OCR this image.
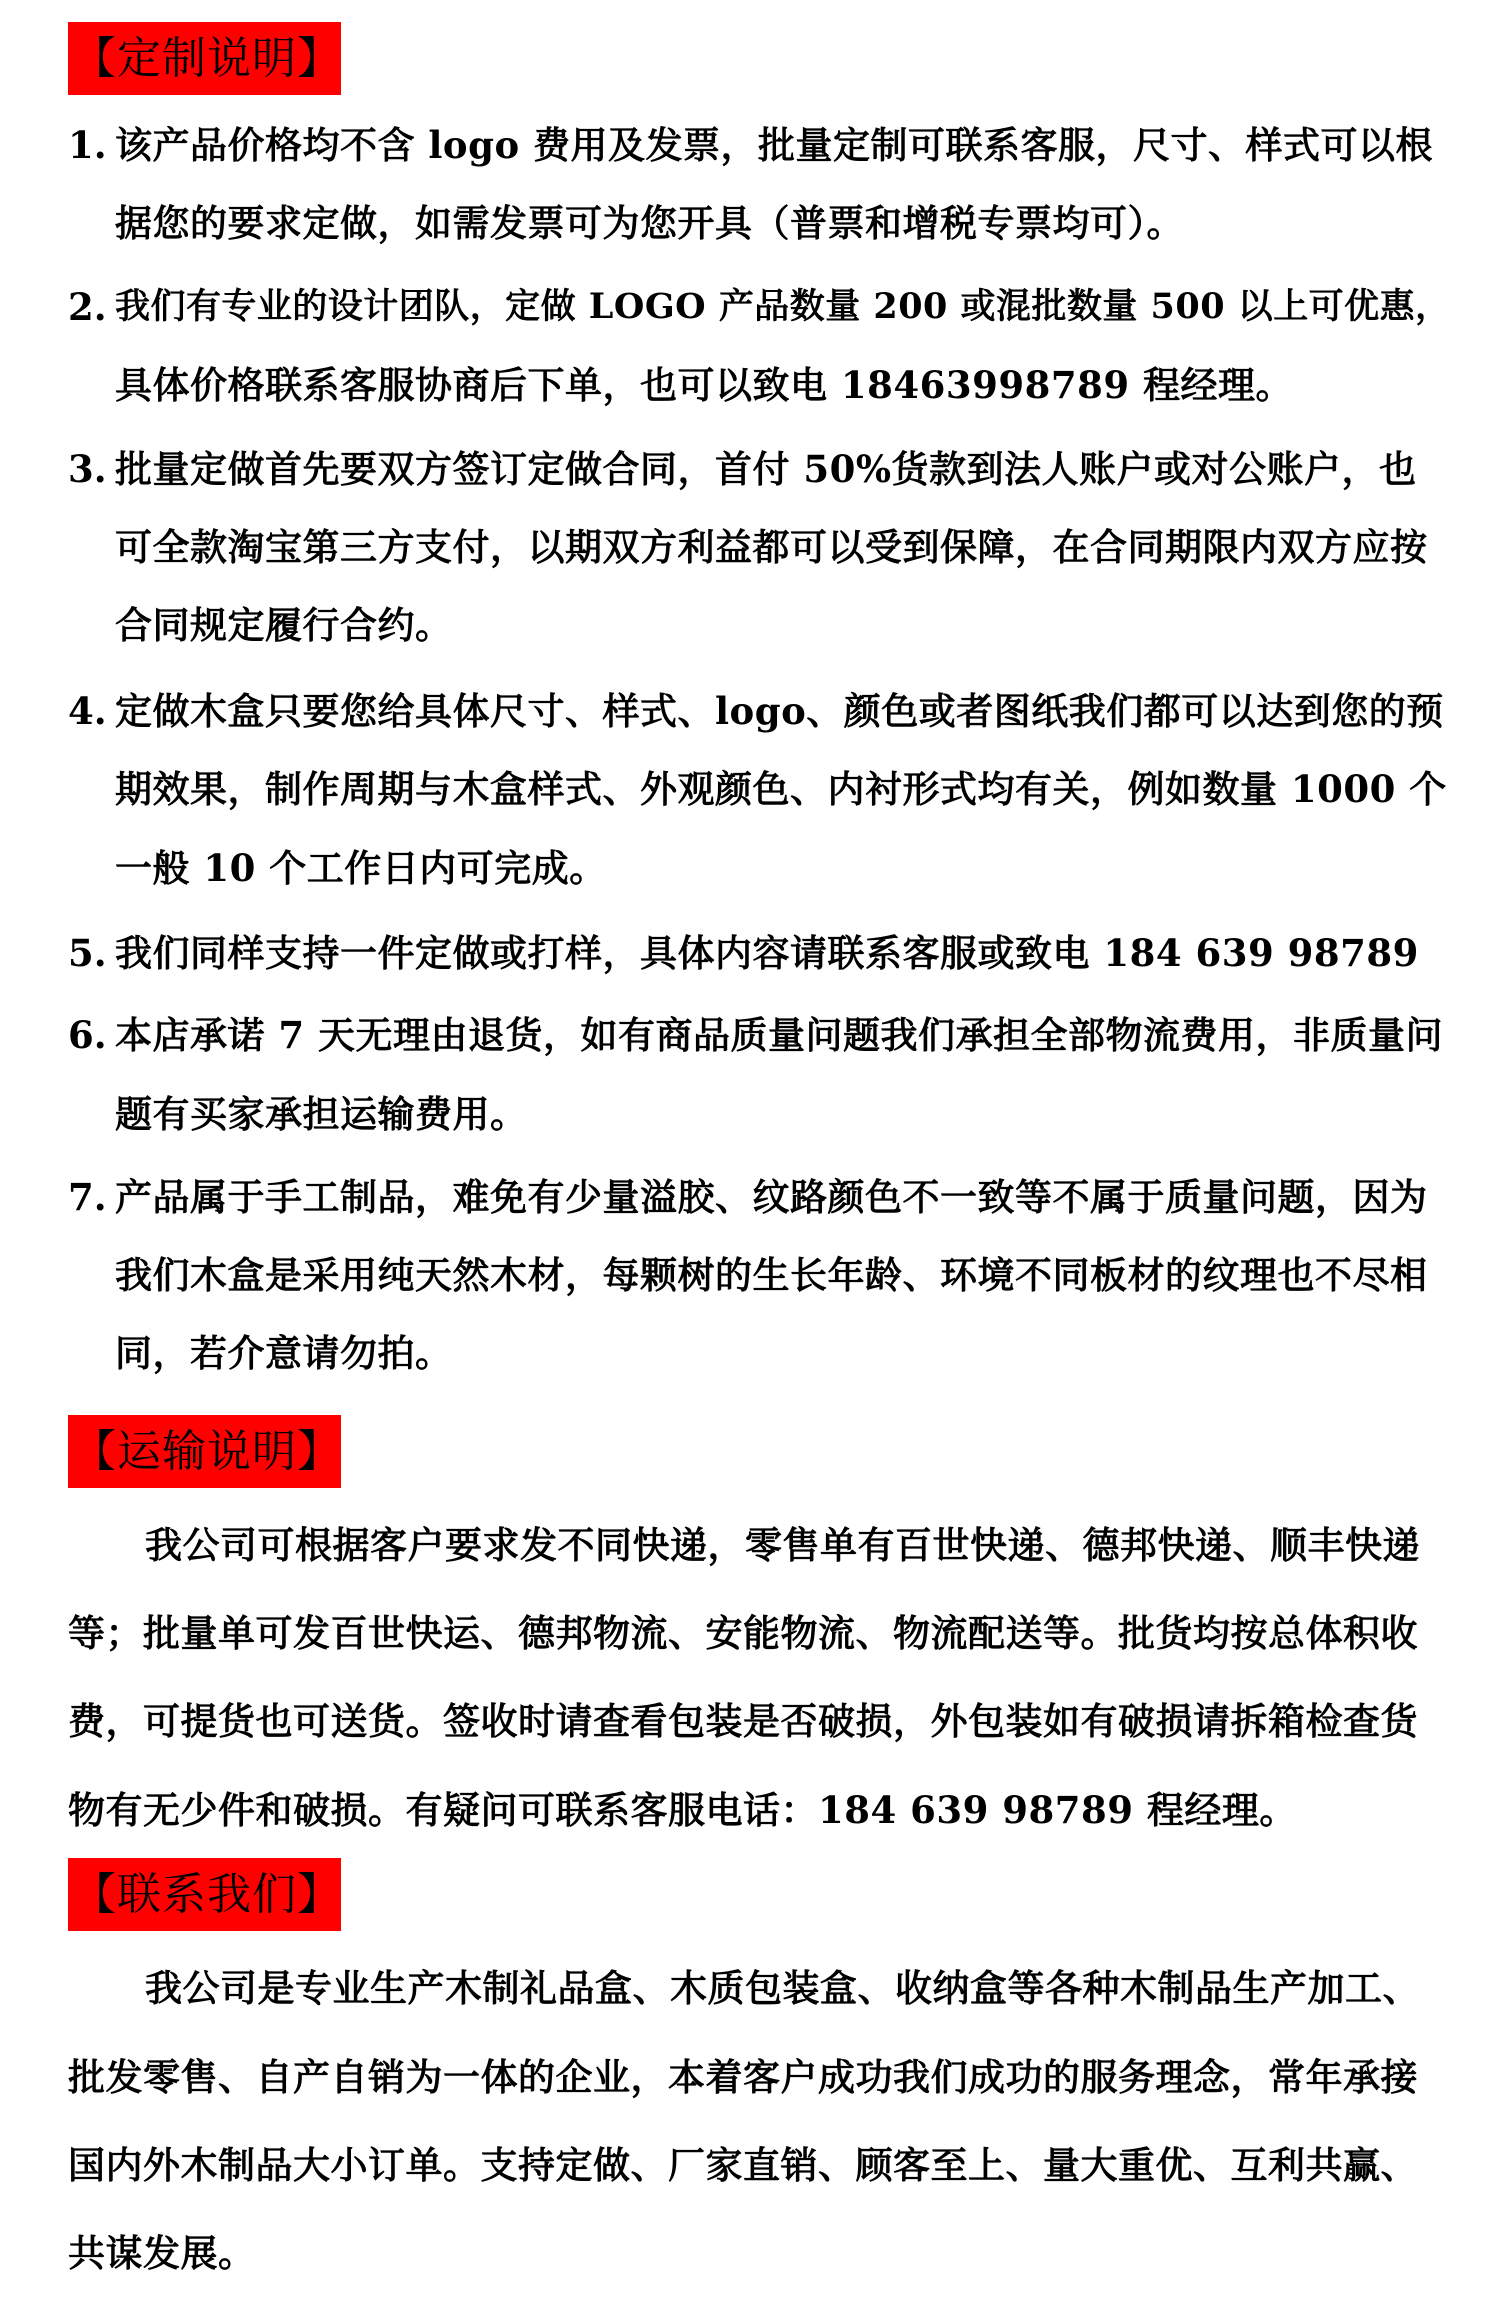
【定制说明】

1. 该产品价格均不含 logo 费用及发票，批量定制可联系客服，尺寸、样式可以根

据您的要求定做，如需发票可为您开具（普票和增税专票均可）。

2. 我们有专业的设计团队，定做 LOGO 产品数量 200 或混批数量 500 以上可优惠，

具体价格联系客服协商后下单，也可以致电 18463998789 程经理。

3. 批量定做首先要双方签订定做合同，首付 50%货款到法人账户或对公账户，也

可全款淘宝第三方支付，以期双方利益都可以受到保障，在合同期限内双方应按

合同规定履行合约。

4. 定做木盒只要您给具体尺寸、样式、logo、颜色或者图纸我们都可以达到您的预

期效果，制作周期与木盒样式、外观颜色、内衬形式均有关，例如数量 1000 个

一般 10 个工作日内可完成。

5. 我们同样支持一件定做或打样，具体内容请联系客服或致电 184 639 98789

6. 本店承诺 7 天无理由退货，如有商品质量问题我们承担全部物流费用，非质量问

题有买家承担运输费用。

7. 产品属于手工制品，难免有少量溢胶、纹路颜色不一致等不属于质量问题，因为

我们木盒是采用纯天然木材，每颗树的生长年龄、环境不同板材的纹理也不尽相

同，若介意请勿拍。

【运输说明】

我公司可根据客户要求发不同快递，零售单有百世快递、德邦快递、顺丰快递

等；批量单可发百世快运、德邦物流、安能物流、物流配送等。批货均按总体积收

费，可提货也可送货。签收时请查看包装是否破损，外包装如有破损请拆箱检查货

物有无少件和破损。有疑问可联系客服电话：184 639 98789 程经理。

【联系我们】

我公司是专业生产木制礼品盒、木质包装盒、收纳盒等各种木制品生产加工、

批发零售、自产自销为一体的企业，本着客户成功我们成功的服务理念，常年承接

国内外木制品大小订单。支持定做、厂家直销、顾客至上、量大重优、互利共赢、

共谋发展。
